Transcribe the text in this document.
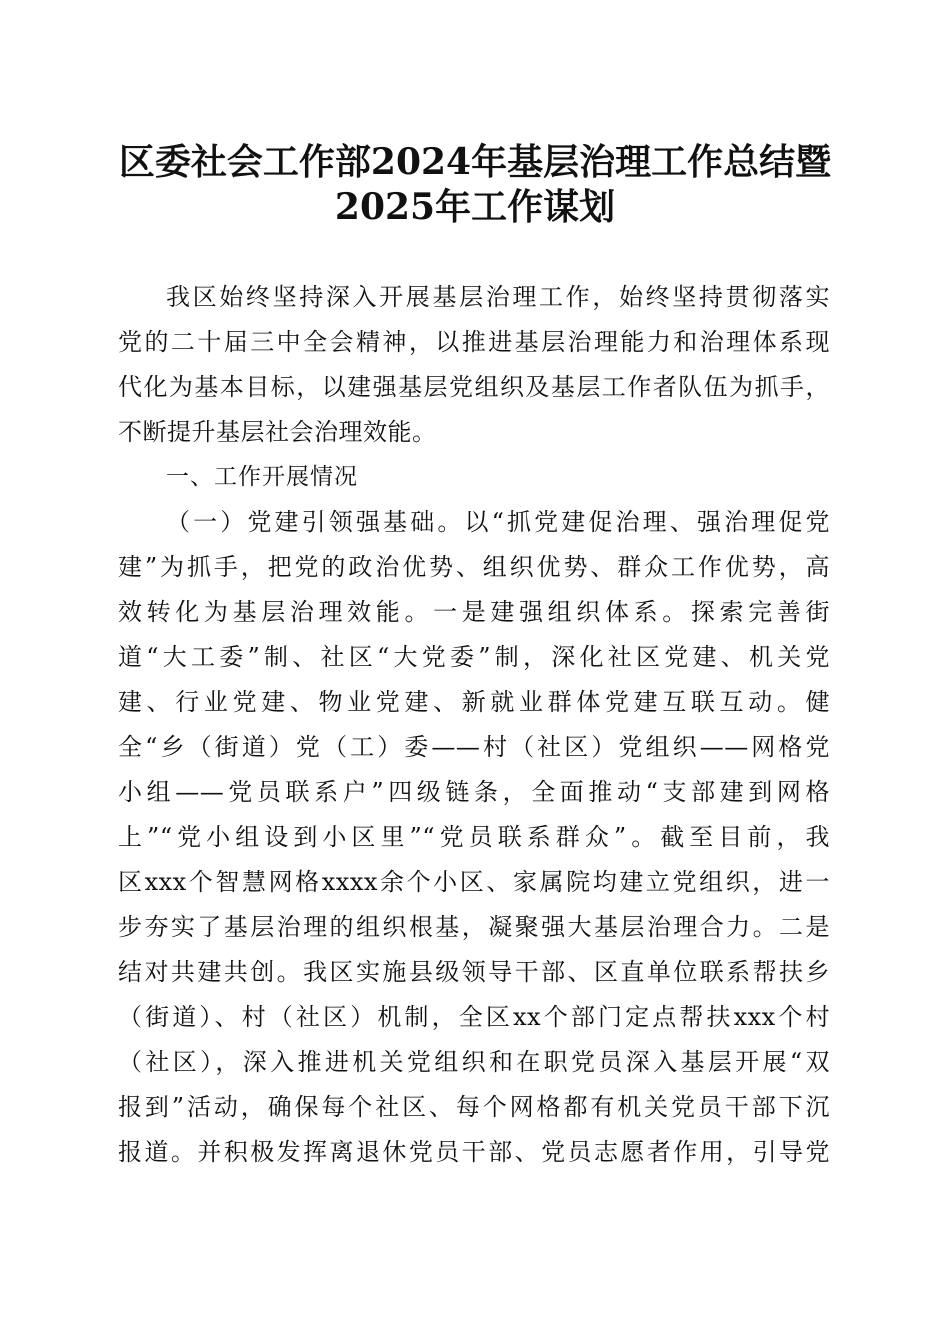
区委社会工作部2024年基层治理工作总结暨
2025年工作谋划
我区始终坚持深入开展基层治理工作，始终坚持贯彻落实
党的二十届三中全会精神，以推进基层治理能力和治理体系现
代化为基本目标，以建强基层党组织及基层工作者队伍为抓手，
不断提升基层社会治理效能。
一、工作开展情况
（一）党建引领强基础。以“抓党建促治理、强治理促党
建”为抓手，把党的政治优势、组织优势、群众工作优势，高
效转化为基层治理效能。一是建强组织体系。探索完善街
道“大工委”制、社区“大党委”制，深化社区党建、机关党
建、行业党建、物业党建、新就业群体党建互联互动。健
全“乡（街道）党（工）委——村（社区）党组织——网格党
小组——党员联系户”四级链条，全面推动“支部建到网格
上”“党小组设到小区里”“党员联系群众”。截至目前，我
区xxx个智慧网格xxxx余个小区、家属院均建立党组织，进一
步夯实了基层治理的组织根基，凝聚强大基层治理合力。二是
结对共建共创。我区实施县级领导干部、区直单位联系帮扶乡
（街道）、村（社区）机制，全区xx个部门定点帮扶xxx个村
（社区），深入推进机关党组织和在职党员深入基层开展“双
报到”活动，确保每个社区、每个网格都有机关党员干部下沉
报道。并积极发挥离退休党员干部、党员志愿者作用，引导党
